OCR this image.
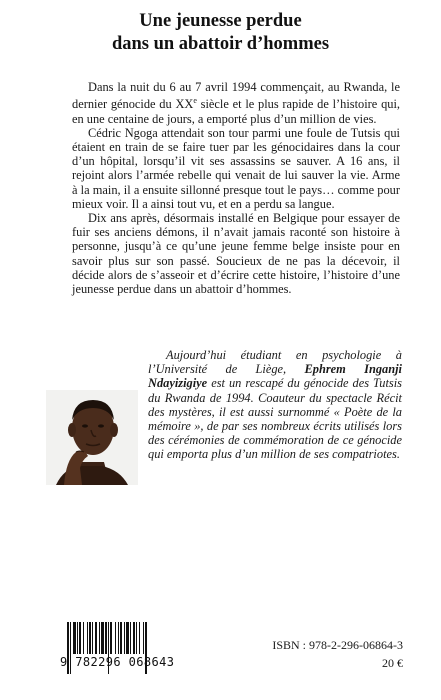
Une jeunesse perdue
dans un abattoir d’hommes

Dans la nuit du 6 au 7 avril 1994 commençait, au Rwanda, le dernier génocide du XXe siècle et le plus rapide de l’histoire qui, en une centaine de jours, a emporté plus d’un million de vies.

Cédric Ngoga attendait son tour parmi une foule de Tutsis qui étaient en train de se faire tuer par les génocidaires dans la cour d’un hôpital, lorsqu’il vit ses assassins se sauver. A 16 ans, il rejoint alors l’armée rebelle qui venait de lui sauver la vie. Arme à la main, il a ensuite sillonné presque tout le pays… comme pour mieux voir. Il a ainsi tout vu, et en a perdu sa langue.

Dix ans après, désormais installé en Belgique pour essayer de fuir ses anciens démons, il n’avait jamais raconté son histoire à personne, jusqu’à ce qu’une jeune femme belge insiste pour en savoir plus sur son passé. Soucieux de ne pas la décevoir, il décide alors de s’asseoir et d’écrire cette histoire, l’histoire d’une jeunesse perdue dans un abattoir d’hommes.

Aujourd’hui étudiant en psychologie à l’Université de Liège, Ephrem Inganji Ndayizigiye est un rescapé du génocide des Tutsis du Rwanda de 1994. Coauteur du spectacle Récit des mystères, il est aussi surnommé « Poète de la mémoire », de par ses nombreux écrits utilisés lors des cérémonies de commémoration de ce génocide qui emporta plus d’un million de ses compatriotes.

9 782296 068643
ISBN : 978-2-296-06864-3
20 €
